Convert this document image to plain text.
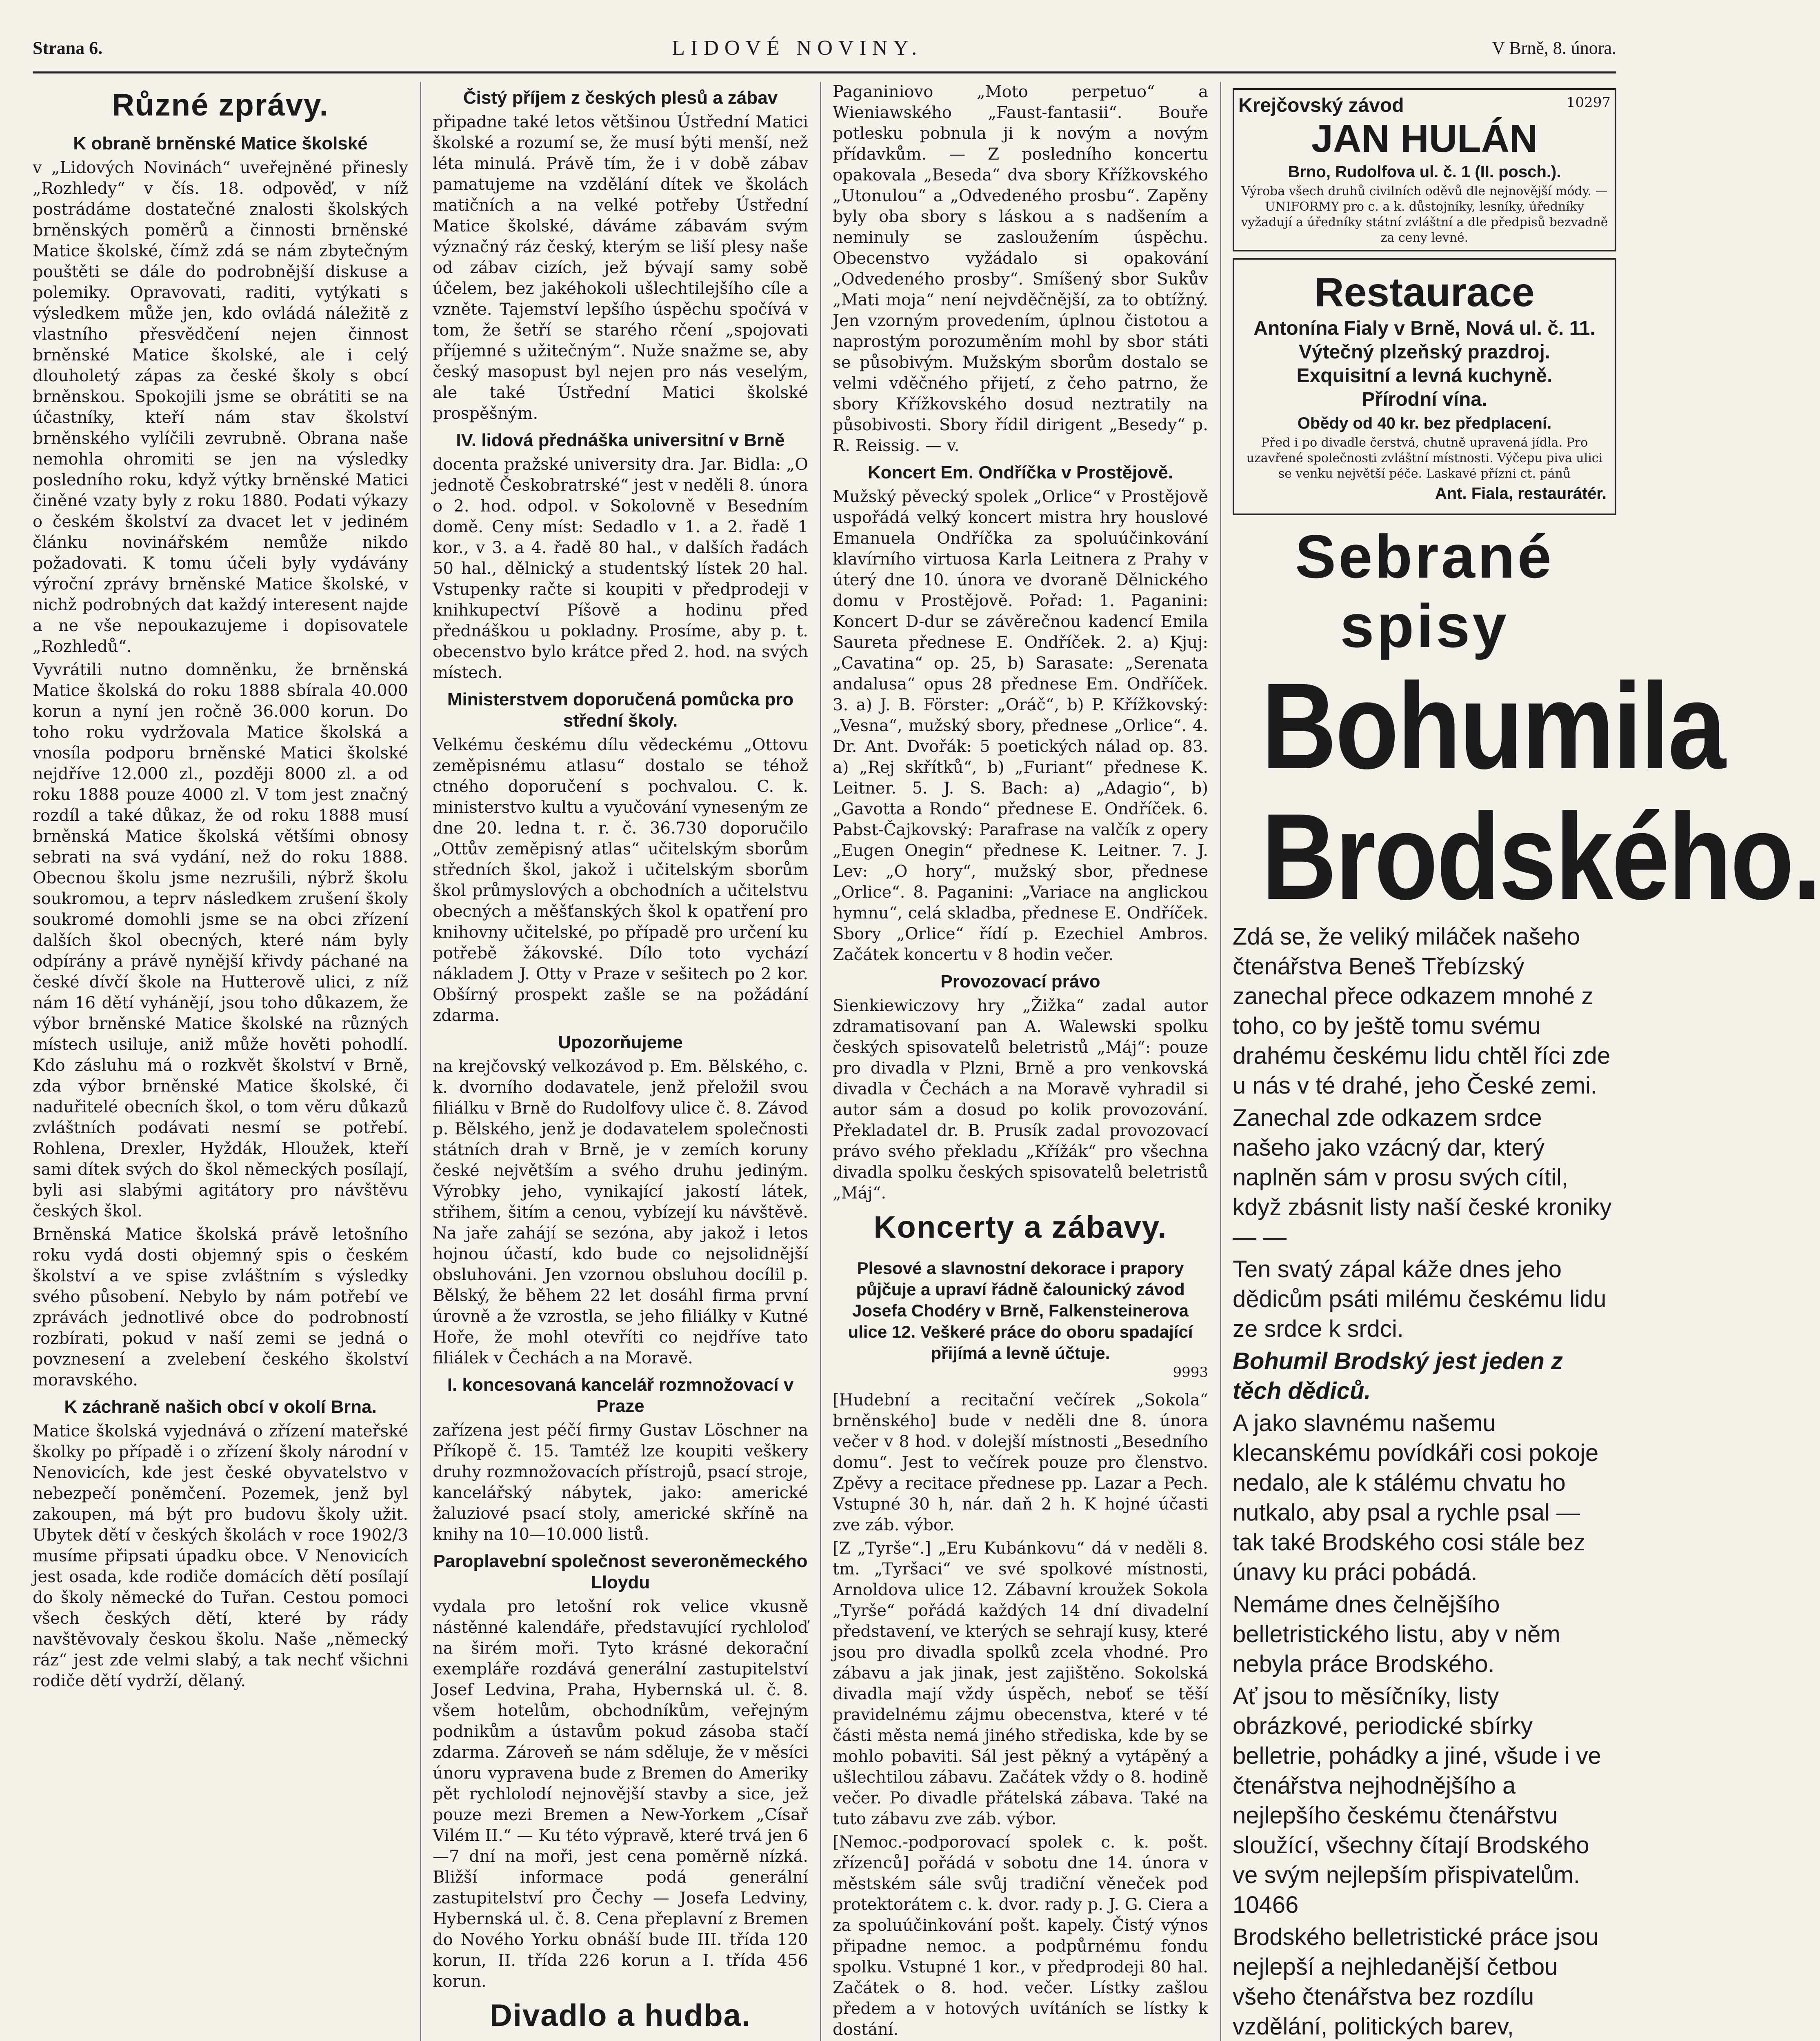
Strana 6.	LIDOVÉ NOVINY.	V Brně, 8. února.
Různé zprávy.
K obraně brněnské Matice školské

v „Lidových Novinách“ uveřejněné přinesly „Rozhledy“ v čís. 18. odpověď, v níž postrádáme dostatečné znalosti školských brněnských poměrů a činnosti brněnské Matice školské, čímž zdá se nám zbytečným pouštěti se dále do podrobnější diskuse a polemiky. Opravovati, raditi, vytýkati s výsledkem může jen, kdo ovládá náležitě z vlastního přesvědčení nejen činnost brněnské Matice školské, ale i celý dlouholetý zápas za české školy s obcí brněnskou. Spokojili jsme se obrátiti se na účastníky, kteří nám stav školství brněnského vylíčili zevrubně. Obrana naše nemohla ohromiti se jen na výsledky posledního roku, když výtky brněnské Matici činěné vzaty byly z roku 1880. Podati výkazy o českém školství za dvacet let v jediném článku novinářském nemůže nikdo požadovati. K tomu účeli byly vydávány výroční zprávy brněnské Matice školské, v nichž podrobných dat každý interesent najde a ne vše nepoukazujeme i dopisovatele „Rozhledů“.

Vyvrátili nutno domněnku, že brněnská Matice školská do roku 1888 sbírala 40.000 korun a nyní jen ročně 36.000 korun. Do toho roku vydržovala Matice školská a vnosíla podporu brněnské Matici školské nejdříve 12.000 zl., později 8000 zl. a od roku 1888 pouze 4000 zl. V tom jest značný rozdíl a také důkaz, že od roku 1888 musí brněnská Matice školská většími obnosy sebrati na svá vydání, než do roku 1888. Obecnou školu jsme nezrušili, nýbrž školu soukromou, a teprv následkem zrušení školy soukromé domohli jsme se na obci zřízení dalších škol obecných, které nám byly odpírány a právě nynější křivdy páchané na české dívčí škole na Hutterově ulici, z níž nám 16 dětí vyhánějí, jsou toho důkazem, že výbor brněnské Matice školské na různých místech usiluje, aniž může hověti pohodlí. Kdo zásluhu má o rozkvět školství v Brně, zda výbor brněnské Matice školské, či naduřitelé obecních škol, o tom věru důkazů zvláštních podávati nesmí se potřebí. Rohlena, Drexler, Hyždák, Hloužek, kteří sami dítek svých do škol německých posílají, byli asi slabými agitátory pro návštěvu českých škol.

Brněnská Matice školská právě letošního roku vydá dosti objemný spis o českém školství a ve spise zvláštním s výsledky svého působení. Nebylo by nám potřebí ve zprávách jednotlivé obce do podrobností rozbírati, pokud v naší zemi se jedná o povznesení a zvelebení českého školství moravského.

K záchraně našich obcí v okolí Brna.

Matice školská vyjednává o zřízení mateřské školky po případě i o zřízení školy národní v Nenovicích, kde jest české obyvatelstvo v nebezpečí poněmčení. Pozemek, jenž byl zakoupen, má být pro budovu školy užit. Ubytek dětí v českých školách v roce 1902/3 musíme připsati úpadku obce. V Nenovicích jest osada, kde rodiče domácích dětí posílají do školy německé do Tuřan. Cestou pomoci všech českých dětí, které by rády navštěvovaly českou školu. Naše „německý ráz“ jest zde velmi slabý, a tak nechť všichni rodiče dětí vydrží, dělaný.

Čistý příjem z českých plesů a zábav

připadne také letos většinou Ústřední Matici školské a rozumí se, že musí býti menší, než léta minulá. Právě tím, že i v době zábav pamatujeme na vzdělání dítek ve školách matičních a na velké potřeby Ústřední Matice školské, dáváme zábavám svým význačný ráz český, kterým se liší plesy naše od zábav cizích, jež bývají samy sobě účelem, bez jakéhokoli ušlechtilejšího cíle a vzněte. Tajemství lepšího úspěchu spočívá v tom, že šetří se starého rčení „spojovati příjemné s užitečným“. Nuže snažme se, aby český masopust byl nejen pro nás veselým, ale také Ústřední Matici školské prospěšným.

IV. lidová přednáška universitní v Brně

docenta pražské university dra. Jar. Bidla: „O jednotě Českobratrské“ jest v neděli 8. února o 2. hod. odpol. v Sokolovně v Besedním domě. Ceny míst: Sedadlo v 1. a 2. řadě 1 kor., v 3. a 4. řadě 80 hal., v dalších řadách 50 hal., dělnický a studentský lístek 20 hal. Vstupenky račte si koupiti v předprodeji v knihkupectví Píšově a hodinu před přednáškou u pokladny. Prosíme, aby p. t. obecenstvo bylo krátce před 2. hod. na svých místech.

Ministerstvem doporučená pomůcka pro střední školy.

Velkému českému dílu vědeckému „Ottovu zeměpisnému atlasu“ dostalo se téhož ctného doporučení s pochvalou. C. k. ministerstvo kultu a vyučování vyneseným ze dne 20. ledna t. r. č. 36.730 doporučilo „Ottův zeměpisný atlas“ učitelským sborům středních škol, jakož i učitelským sborům škol průmyslových a obchodních a učitelstvu obecných a měšťanských škol k opatření pro knihovny učitelské, po případě pro určení ku potřebě žákovské. Dílo toto vychází nákladem J. Otty v Praze v sešitech po 2 kor. Obšírný prospekt zašle se na požádání zdarma.

Upozorňujeme

na krejčovský velkozávod p. Em. Bělského, c. k. dvorního dodavatele, jenž přeložil svou filiálku v Brně do Rudolfovy ulice č. 8. Závod p. Bělského, jenž je dodavatelem společnosti státních drah v Brně, je v zemích koruny české největším a svého druhu jediným. Výrobky jeho, vynikající jakostí látek, střihem, šitím a cenou, vybízejí ku návštěvě. Na jaře zahájí se sezóna, aby jakož i letos hojnou účastí, kdo bude co nejsolidnější obsluhováni. Jen vzornou obsluhou docílil p. Bělský, že během 22 let dosáhl firma první úrovně a že vzrostla, se jeho filiálky v Kutné Hoře, že mohl otevříti co nejdříve tato filiálek v Čechách a na Moravě.

I. koncesovaná kancelář rozmnožovací v Praze

zařízena jest péčí firmy Gustav Löschner na Příkopě č. 15. Tamtéž lze koupiti veškery druhy rozmnožovacích přístrojů, psací stroje, kancelářský nábytek, jako: americké žaluziové psací stoly, americké skříně na knihy na 10—10.000 listů.

Paroplavební společnost severoněmeckého Lloydu

vydala pro letošní rok velice vkusně nástěnné kalendáře, představující rychloloď na širém moři. Tyto krásné dekorační exempláře rozdává generální zastupitelství Josef Ledvina, Praha, Hybernská ul. č. 8. všem hotelům, obchodníkům, veřejným podnikům a ústavům pokud zásoba stačí zdarma. Zároveň se nám sděluje, že v měsíci únoru vypravena bude z Bremen do Ameriky pět rychlolodí nejnovější stavby a sice, jež pouze mezi Bremen a New-Yorkem „Císař Vilém II.“ — Ku této výpravě, které trvá jen 6—7 dní na moři, jest cena poměrně nízká. Bližší informace podá generální zastupitelství pro Čechy — Josefa Ledviny, Hybernská ul. č. 8. Cena přeplavní z Bremen do Nového Yorku obnáší bude III. třída 120 korun, II. třída 226 korun a I. třída 456 korun.

Divadlo a hudba.

Paganiniovo „Moto perpetuo“ a Wieniawského „Faust-fantasii“. Bouře potlesku pobnula ji k novým a novým přídavkům. — Z posledního koncertu opakovala „Beseda“ dva sbory Křížkovského „Utonulou“ a „Odvedeného prosbu“. Zapěny byly oba sbory s láskou a s nadšením a neminuly se zasloužením úspěchu. Obecenstvo vyžádalo si opakování „Odvedeného prosby“. Smíšený sbor Sukův „Mati moja“ není nejvděčnější, za to obtížný. Jen vzorným provedením, úplnou čistotou a naprostým porozuměním mohl by sbor státi se působivým. Mužským sborům dostalo se velmi vděčného přijetí, z čeho patrno, že sbory Křížkovského dosud neztratily na působivosti. Sbory řídil dirigent „Besedy“ p. R. Reissig. — v.

Koncert Em. Ondříčka v Prostějově.

Mužský pěvecký spolek „Orlice“ v Prostějově uspořádá velký koncert mistra hry houslové Emanuela Ondříčka za spoluúčinkování klavírního virtuosa Karla Leitnera z Prahy v úterý dne 10. února ve dvoraně Dělnického domu v Prostějově. Pořad: 1. Paganini: Koncert D-dur se závěrečnou kadencí Emila Saureta přednese E. Ondříček. 2. a) Kjuj: „Cavatina“ op. 25, b) Sarasate: „Serenata andalusa“ opus 28 přednese Em. Ondříček. 3. a) J. B. Förster: „Oráč“, b) P. Křížkovský: „Vesna“, mužský sbory, přednese „Orlice“. 4. Dr. Ant. Dvořák: 5 poetických nálad op. 83. a) „Rej skřítků“, b) „Furiant“ přednese K. Leitner. 5. J. S. Bach: a) „Adagio“, b) „Gavotta a Rondo“ přednese E. Ondříček. 6. Pabst-Čajkovský: Parafrase na valčík z opery „Eugen Onegin“ přednese K. Leitner. 7. J. Lev: „O hory“, mužský sbor, přednese „Orlice“. 8. Paganini: „Variace na anglickou hymnu“, celá skladba, přednese E. Ondříček. Sbory „Orlice“ řídí p. Ezechiel Ambros. Začátek koncertu v 8 hodin večer.

Provozovací právo

Sienkiewiczovy hry „Žižka“ zadal autor zdramatisovaní pan A. Walewski spolku českých spisovatelů beletristů „Máj“: pouze pro divadla v Plzni, Brně a pro venkovská divadla v Čechách a na Moravě vyhradil si autor sám a dosud po kolik provozování. Překladatel dr. B. Prusík zadal provozovací právo svého překladu „Křížák“ pro všechna divadla spolku českých spisovatelů beletristů „Máj“.

Koncerty a zábavy.
Plesové a slavnostní dekorace i prapory půjčuje a upraví řádně čalounický závod Josefa Chodéry v Brně, Falkensteinerova ulice 12. Veškeré práce do oboru spadající přijímá a levně účtuje.
9993

[Hudební a recitační večírek „Sokola“ brněnského] bude v neděli dne 8. února večer v 8 hod. v dolejší místnosti „Besedního domu“. Jest to večírek pouze pro členstvo. Zpěvy a recitace přednese pp. Lazar a Pech. Vstupné 30 h, nár. daň 2 h. K hojné účasti zve záb. výbor.

[Z „Tyrše“.] „Eru Kubánkovu“ dá v neděli 8. tm. „Tyršaci“ ve své spolkové místnosti, Arnoldova ulice 12. Zábavní kroužek Sokola „Tyrše“ pořádá každých 14 dní divadelní představení, ve kterých se sehrají kusy, které jsou pro divadla spolků zcela vhodné. Pro zábavu a jak jinak, jest zajištěno. Sokolská divadla mají vždy úspěch, neboť se těší pravidelnému zájmu obecenstva, které v té části města nemá jiného střediska, kde by se mohlo pobaviti. Sál jest pěkný a vytápěný a ušlechtilou zábavu. Začátek vždy o 8. hodině večer. Po divadle přátelská zábava. Také na tuto zábavu zve záb. výbor.

[Nemoc.-podporovací spolek c. k. pošt. zřízenců] pořádá v sobotu dne 14. února v městském sále svůj tradiční věneček pod protektorátem c. k. dvor. rady p. J. G. Ciera a za spoluúčinkování pošt. kapely. Čistý výnos připadne nemoc. a podpůrnému fondu spolku. Vstupné 1 kor., v předprodeji 80 hal. Začátek o 8. hod. večer. Lístky zašlou předem a v hotových uvítáních se lístky k dostání.

Krejčovský závod	10297
JAN HULÁN
Brno, Rudolfova ul. č. 1 (II. posch.).
Výroba všech druhů civilních oděvů dle nejnovější módy. — UNIFORMY pro c. a k. důstojníky, lesníky, úředníky vyžadují a úředníky státní zvláštní a dle předpisů bezvadně za ceny levné.
Restaurace
Antonína Fialy v Brně, Nová ul. č. 11.
Výtečný plzeňský prazdroj.
Exquisitní a levná kuchyně.
Přírodní vína.
Obědy od 40 kr. bez předplacení.
Před i po divadle čerstvá, chutně upravená jídla. Pro uzavřené společnosti zvláštní místnosti. Výčepu piva ulici se venku největší péče. Laskavé přízni ct. pánů
Ant. Fiala, restaurátér.
Sebrané spisy
Bohumila
Brodského.

Zdá se, že veliký miláček našeho čtenářstva Beneš Třebízský zanechal přece odkazem mnohé z toho, co by ještě tomu svému drahému českému lidu chtěl říci zde u nás v té drahé, jeho České zemi.

Zanechal zde odkazem srdce našeho jako vzácný dar, který naplněn sám v prosu svých cítil, když zbásnit listy naší české kroniky — —

Ten svatý zápal káže dnes jeho dědicům psáti milému českému lidu ze srdce k srdci.

Bohumil Brodský jest jeden z těch dědiců.

A jako slavnému našemu klecanskému povídkáři cosi pokoje nedalo, ale k stálému chvatu ho nutkalo, aby psal a rychle psal — tak také Brodského cosi stále bez únavy ku práci pobádá.

Nemáme dnes čelnějšího belletristického listu, aby v něm nebyla práce Brodského.

Ať jsou to měsíčníky, listy obrázkové, periodické sbírky belletrie, pohádky a jiné, všude i ve čtenářstva nejhodnějšího a nejlepšího českému čtenářstvu sloužící, všechny čítají Brodského ve svým nejlepším přispivatelům. 10466

Brodského belletristické práce jsou nejlepší a nejhledanější četbou všeho čtenářstva bez rozdílu vzdělání, politických barev,
